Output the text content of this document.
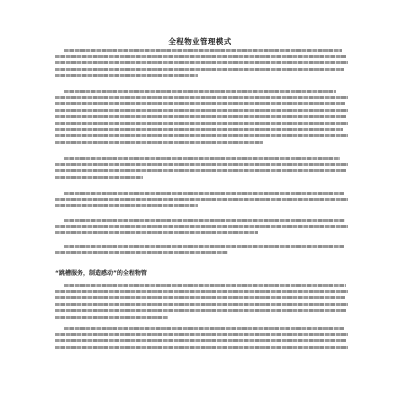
全程物业管理模式
“跳槽服务，制造感动”的全程物管
